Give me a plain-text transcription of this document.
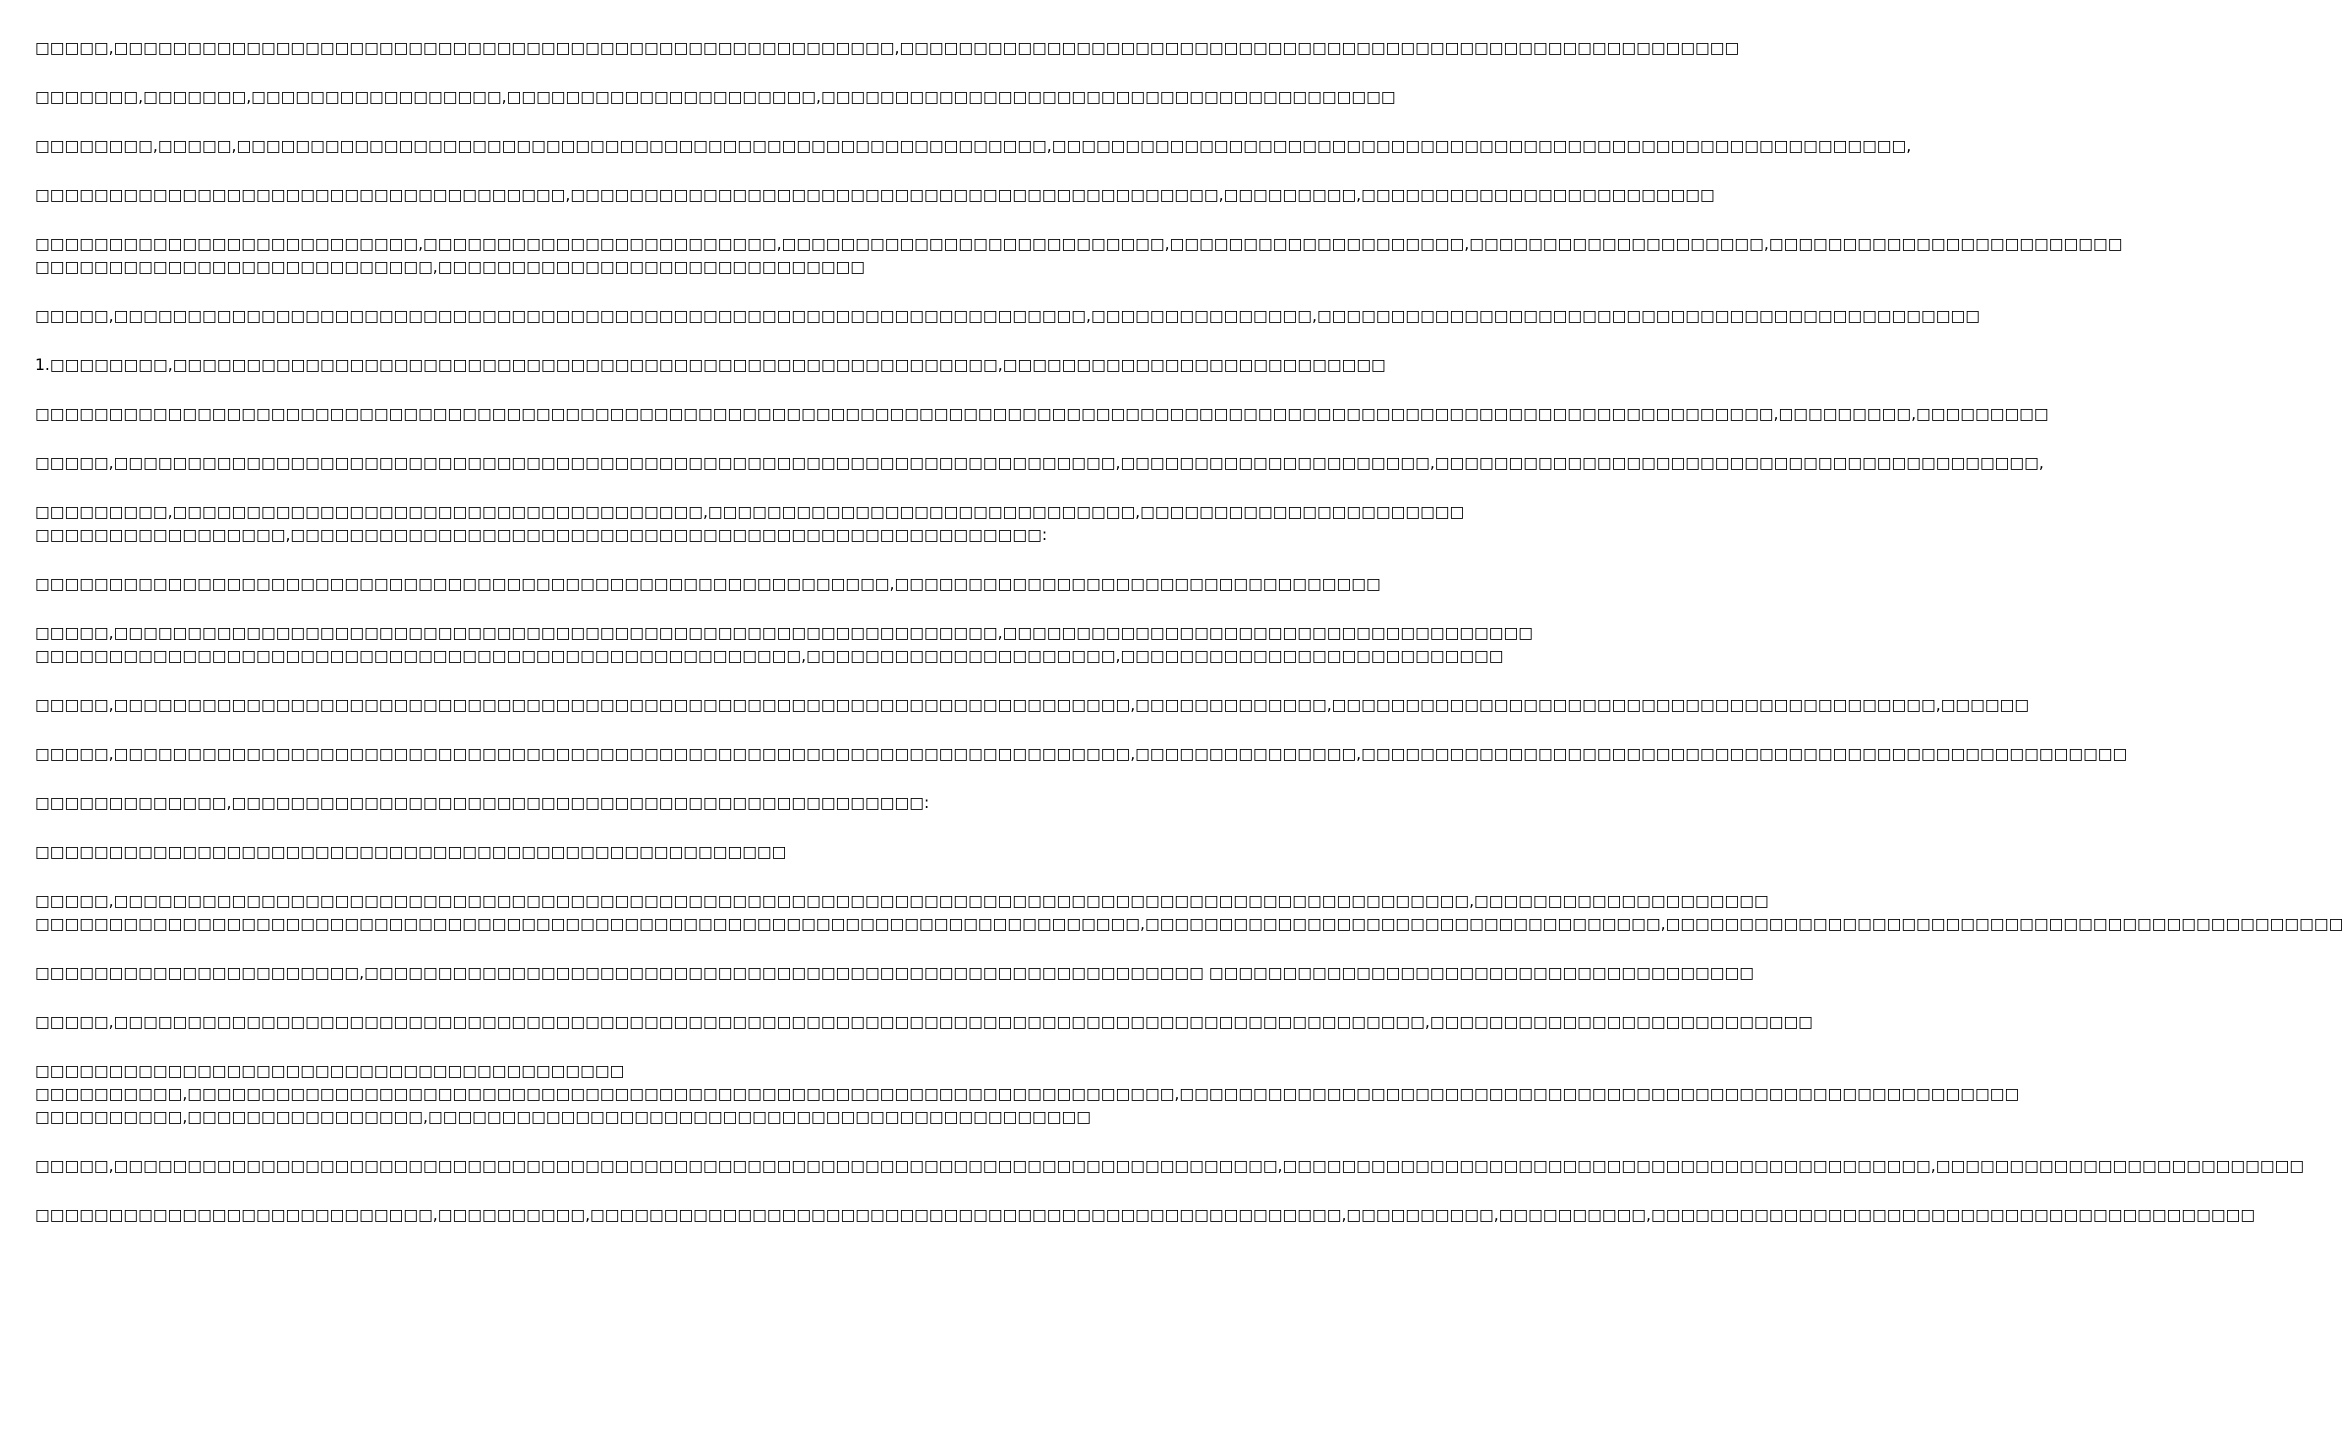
□□□□□,□□□□□□□□□□□□□□□□□□□□□□□□□□□□□□□□□□□□□□□□□□□□□□□□□□□□□,□□□□□□□□□□□□□□□□□□□□□□□□□□□□□□□□□□□□□□□□□□□□□□□□□□□□□□□□□
□□□□□□□,□□□□□□□,□□□□□□□□□□□□□□□□□,□□□□□□□□□□□□□□□□□□□□□,□□□□□□□□□□□□□□□□□□□□□□□□□□□□□□□□□□□□□□□
□□□□□□□□,□□□□□,□□□□□□□□□□□□□□□□□□□□□□□□□□□□□□□□□□□□□□□□□□□□□□□□□□□□□□□,□□□□□□□□□□□□□□□□□□□□□□□□□□□□□□□□□□□□□□□□□□□□□□□□□□□□□□□□□□,
□□□□□□□□□□□□□□□□□□□□□□□□□□□□□□□□□□□□,□□□□□□□□□□□□□□□□□□□□□□□□□□□□□□□□□□□□□□□□□□□□,□□□□□□□□□,□□□□□□□□□□□□□□□□□□□□□□□□
□□□□□□□□□□□□□□□□□□□□□□□□□□,□□□□□□□□□□□□□□□□□□□□□□□□,□□□□□□□□□□□□□□□□□□□□□□□□□□,□□□□□□□□□□□□□□□□□□□□,□□□□□□□□□□□□□□□□□□□□,□□□□□□□□□□□□□□□□□□□□□□□□
□□□□□□□□□□□□□□□□□□□□□□□□□□□,□□□□□□□□□□□□□□□□□□□□□□□□□□□□□
□□□□□,□□□□□□□□□□□□□□□□□□□□□□□□□□□□□□□□□□□□□□□□□□□□□□□□□□□□□□□□□□□□□□□□□□,□□□□□□□□□□□□□□□,□□□□□□□□□□□□□□□□□□□□□□□□□□□□□□□□□□□□□□□□□□□□□
1.□□□□□□□□,□□□□□□□□□□□□□□□□□□□□□□□□□□□□□□□□□□□□□□□□□□□□□□□□□□□□□□□□,□□□□□□□□□□□□□□□□□□□□□□□□□□
□□□□□□□□□□□□□□□□□□□□□□□□□□□□□□□□□□□□□□□□□□□□□□□□□□□□□□□□□□□□□□□□□□□□□□□□□□□□□□□□□□□□□□□□□□□□□□□□□□□□□□□□□□□□□□□□□□□□□□,□□□□□□□□□,□□□□□□□□□
□□□□□,□□□□□□□□□□□□□□□□□□□□□□□□□□□□□□□□□□□□□□□□□□□□□□□□□□□□□□□□□□□□□□□□□□□□,□□□□□□□□□□□□□□□□□□□□□,□□□□□□□□□□□□□□□□□□□□□□□□□□□□□□□□□□□□□□□□□,
□□□□□□□□□,□□□□□□□□□□□□□□□□□□□□□□□□□□□□□□□□□□□□,□□□□□□□□□□□□□□□□□□□□□□□□□□□□□,□□□□□□□□□□□□□□□□□□□□□□
□□□□□□□□□□□□□□□□□,□□□□□□□□□□□□□□□□□□□□□□□□□□□□□□□□□□□□□□□□□□□□□□□□□□□:
□□□□□□□□□□□□□□□□□□□□□□□□□□□□□□□□□□□□□□□□□□□□□□□□□□□□□□□□□□,□□□□□□□□□□□□□□□□□□□□□□□□□□□□□□□□□
□□□□□,□□□□□□□□□□□□□□□□□□□□□□□□□□□□□□□□□□□□□□□□□□□□□□□□□□□□□□□□□□□□,□□□□□□□□□□□□□□□□□□□□□□□□□□□□□□□□□□□□
□□□□□□□□□□□□□□□□□□□□□□□□□□□□□□□□□□□□□□□□□□□□□□□□□□□□,□□□□□□□□□□□□□□□□□□□□□,□□□□□□□□□□□□□□□□□□□□□□□□□□
□□□□□,□□□□□□□□□□□□□□□□□□□□□□□□□□□□□□□□□□□□□□□□□□□□□□□□□□□□□□□□□□□□□□□□□□□□□,□□□□□□□□□□□□□,□□□□□□□□□□□□□□□□□□□□□□□□□□□□□□□□□□□□□□□□□,□□□□□□
□□□□□,□□□□□□□□□□□□□□□□□□□□□□□□□□□□□□□□□□□□□□□□□□□□□□□□□□□□□□□□□□□□□□□□□□□□□,□□□□□□□□□□□□□□□,□□□□□□□□□□□□□□□□□□□□□□□□□□□□□□□□□□□□□□□□□□□□□□□□□□□□
□□□□□□□□□□□□□,□□□□□□□□□□□□□□□□□□□□□□□□□□□□□□□□□□□□□□□□□□□□□□□:
□□□□□□□□□□□□□□□□□□□□□□□□□□□□□□□□□□□□□□□□□□□□□□□□□□□
□□□□□,□□□□□□□□□□□□□□□□□□□□□□□□□□□□□□□□□□□□□□□□□□□□□□□□□□□□□□□□□□□□□□□□□□□□□□□□□□□□□□□□□□□□□□□□□□□□,□□□□□□□□□□□□□□□□□□□□
□□□□□□□□□□□□□□□□□□□□□□□□□□□□□□□□□□□□□□□□□□□□□□□□□□□□□□□□□□□□□□□□□□□□□□□□□□□,□□□□□□□□□□□□□□□□□□□□□□□□□□□□□□□□□□□,□□□□□□□□□□□□□□□□□□□□□□□□□□□□□□□□□□□□□□□□□□□□□□
□□□□□□□□□□□□□□□□□□□□□□,□□□□□□□□□□□□□□□□□□□□□□□□□□□□□□□□□□□□□□□□□□□□□□□□□□□□□□□□□ □□□□□□□□□□□□□□□□□□□□□□□□□□□□□□□□□□□□□
□□□□□,□□□□□□□□□□□□□□□□□□□□□□□□□□□□□□□□□□□□□□□□□□□□□□□□□□□□□□□□□□□□□□□□□□□□□□□□□□□□□□□□□□□□□□□□□,□□□□□□□□□□□□□□□□□□□□□□□□□□
□□□□□□□□□□□□□□□□□□□□□□□□□□□□□□□□□□□□□□□□
□□□□□□□□□□,□□□□□□□□□□□□□□□□□□□□□□□□□□□□□□□□□□□□□□□□□□□□□□□□□□□□□□□□□□□□□□□□□□□,□□□□□□□□□□□□□□□□□□□□□□□□□□□□□□□□□□□□□□□□□□□□□□□□□□□□□□□□□
□□□□□□□□□□,□□□□□□□□□□□□□□□□,□□□□□□□□□□□□□□□□□□□□□□□□□□□□□□□□□□□□□□□□□□□□□
□□□□□,□□□□□□□□□□□□□□□□□□□□□□□□□□□□□□□□□□□□□□□□□□□□□□□□□□□□□□□□□□□□□□□□□□□□□□□□□□□□□□□,□□□□□□□□□□□□□□□□□□□□□□□□□□□□□□□□□□□□□□□□□□□□,□□□□□□□□□□□□□□□□□□□□□□□□□
□□□□□□□□□□□□□□□□□□□□□□□□□□□,□□□□□□□□□□,□□□□□□□□□□□□□□□□□□□□□□□□□□□□□□□□□□□□□□□□□□□□□□□□□□□,□□□□□□□□□□,□□□□□□□□□□,□□□□□□□□□□□□□□□□□□□□□□□□□□□□□□□□□□□□□□□□□
